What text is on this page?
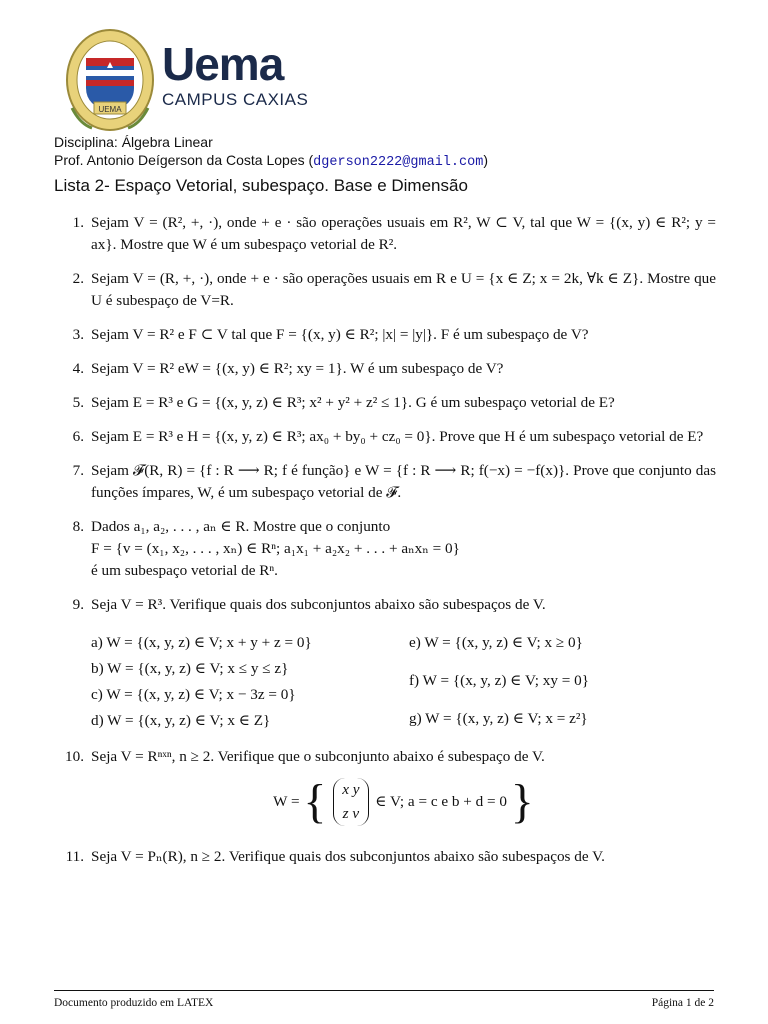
UEMA
Uema
CAMPUS CAXIAS
Disciplina: Álgebra Linear
Prof. Antonio Deígerson da Costa Lopes (dgerson2222@gmail.com)
Lista 2- Espaço Vetorial, subespaço. Base e Dimensão
1. Sejam V = (R², +, ·), onde + e · são operações usuais em R², W ⊂ V, tal que W = {(x, y) ∈ R²; y = ax}. Mostre que W é um subespaço vetorial de R².

2. Sejam V = (R, +, ·), onde + e · são operações usuais em R e U = {x ∈ Z; x = 2k, ∀k ∈ Z}. Mostre que U é subespaço de V=R.

3. Sejam V = R² e F ⊂ V tal que F = {(x, y) ∈ R²; |x| = |y|}. F é um subespaço de V?

4. Sejam V = R² eW = {(x, y) ∈ R²; xy = 1}. W é um subespaço de V?

5. Sejam E = R³ e G = {(x, y, z) ∈ R³; x² + y² + z² ≤ 1}. G é um subespaço vetorial de E?

6. Sejam E = R³ e H = {(x, y, z) ∈ R³; ax₀ + by₀ + cz₀ = 0}. Prove que H é um subespaço vetorial de E?

7. Sejam 𝓕(R, R) = {f : R ⟶ R; f é função} e W = {f : R ⟶ R; f(−x) = −f(x)}. Prove que conjunto das funções ímpares, W, é um subespaço vetorial de 𝓕.

8. Dados a₁, a₂, . . . , aₙ ∈ R. Mostre que o conjunto

F = {v = (x₁, x₂, . . . , xₙ) ∈ Rⁿ; a₁x₁ + a₂x₂ + . . . + aₙxₙ = 0}

é um subespaço vetorial de Rⁿ.

9. Seja V = R³. Verifique quais dos subconjuntos abaixo são subespaços de V.

a) W = {(x, y, z) ∈ V; x + y + z = 0}
b) W = {(x, y, z) ∈ V; x ≤ y ≤ z}
c) W = {(x, y, z) ∈ V; x − 3z = 0}
d) W = {(x, y, z) ∈ V; x ∈ Z}
e) W = {(x, y, z) ∈ V; x ≥ 0}
f) W = {(x, y, z) ∈ V; xy = 0}
g) W = {(x, y, z) ∈ V; x = z²}
10. Seja V = Rⁿˣⁿ, n ≥ 2. Verifique que o subconjunto abaixo é subespaço de V.

W = { x y
z v
∈ V; a = c e b + d = 0 }
11. Seja V = Pₙ(R), n ≥ 2. Verifique quais dos subconjuntos abaixo são subespaços de V.

Documento produzido em LATEX	Página 1 de 2
